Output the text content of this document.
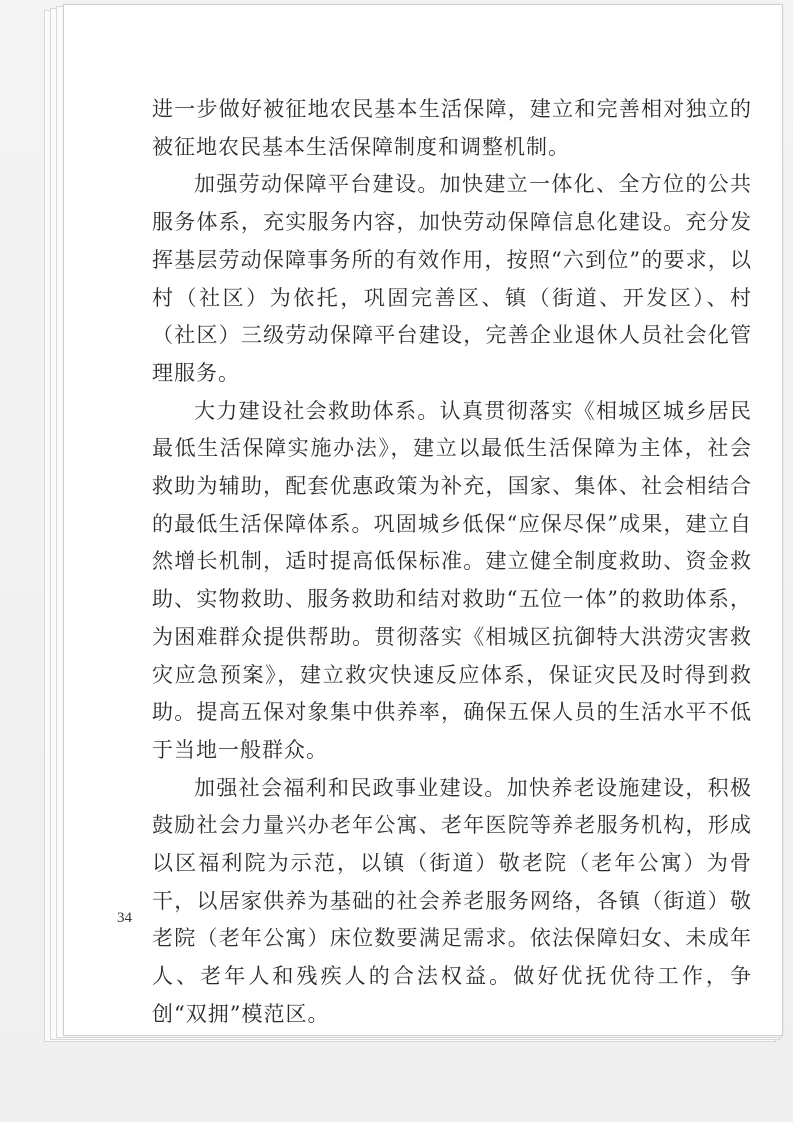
进一步做好被征地农民基本生活保障，建立和完善相对独立的被征地农民基本生活保障制度和调整机制。

加强劳动保障平台建设。加快建立一体化、全方位的公共服务体系，充实服务内容，加快劳动保障信息化建设。充分发挥基层劳动保障事务所的有效作用，按照“六到位”的要求，以村（社区）为依托，巩固完善区、镇（街道、开发区）、村（社区）三级劳动保障平台建设，完善企业退休人员社会化管理服务。

大力建设社会救助体系。认真贯彻落实《相城区城乡居民最低生活保障实施办法》，建立以最低生活保障为主体，社会救助为辅助，配套优惠政策为补充，国家、集体、社会相结合的最低生活保障体系。巩固城乡低保“应保尽保”成果，建立自然增长机制，适时提高低保标准。建立健全制度救助、资金救助、实物救助、服务救助和结对救助“五位一体”的救助体系，为困难群众提供帮助。贯彻落实《相城区抗御特大洪涝灾害救灾应急预案》，建立救灾快速反应体系，保证灾民及时得到救助。提高五保对象集中供养率，确保五保人员的生活水平不低于当地一般群众。

加强社会福利和民政事业建设。加快养老设施建设，积极鼓励社会力量兴办老年公寓、老年医院等养老服务机构，形成以区福利院为示范，以镇（街道）敬老院（老年公寓）为骨干，以居家供养为基础的社会养老服务网络，各镇（街道）敬老院（老年公寓）床位数要满足需求。依法保障妇女、未成年人、老年人和残疾人的合法权益。做好优抚优待工作，争创“双拥”模范区。

34
